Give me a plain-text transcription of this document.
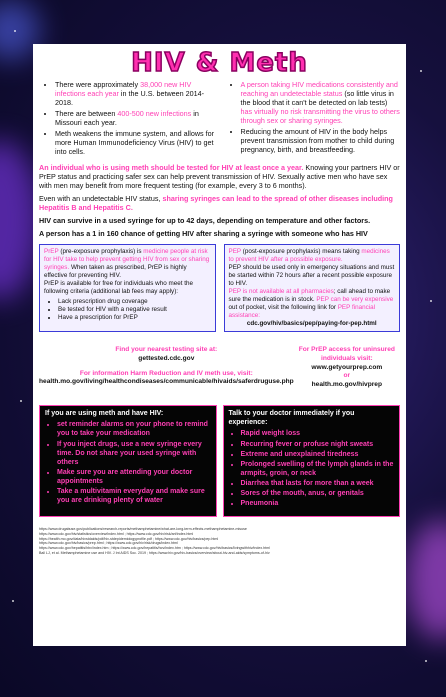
HIV & Meth
• There were approximately 38,000 new HIV infections each year in the U.S. between 2014-2018.
• There are between 400-500 new infections in Missouri each year.
• Meth weakens the immune system, and allows for more Human Immunodeficiency Virus (HIV) to get into cells.
• A person taking HIV medications consistently and reaching an undetectable status (so little virus in the blood that it can't be detected on lab tests) has virtually no risk transmitting the virus to others through sex or sharing syringes.
• Reducing the amount of HIV in the body helps prevent transmission from mother to child during pregnancy, birth, and breastfeeding.

An individual who is using meth should be tested for HIV at least once a year. Knowing your partners HIV or PrEP status and practicing safer sex can help prevent transmission of HIV. Sexually active men who have sex with men may benefit from more frequent testing (for example, every 3 to 6 months).

Even with an undetectable HIV status, sharing syringes can lead to the spread of other diseases including Hepatitis B and Hepatitis C.

HIV can survive in a used syringe for up to 42 days, depending on temperature and other factors.

A person has a 1 in 160 chance of getting HIV after sharing a syringe with someone who has HIV

PrEP (pre-exposure prophylaxis) is medicine people at risk for HIV take to help prevent getting HIV from sex or sharing syringes. When taken as prescribed, PrEP is highly effective for preventing HIV.
PrEP is available for free for individuals who meet the following criteria (additional lab fees may apply):
• Lack prescription drug coverage
• Be tested for HIV with a negative result
• Have a prescription for PrEP
PEP (post-exposure prophylaxis) means taking medicines to prevent HIV after a possible exposure.
PEP should be used only in emergency situations and must be started within 72 hours after a recent possible exposure to HIV.
PEP is not available at all pharmacies; call ahead to make sure the medication is in stock. PEP can be very expensive out of pocket, visit the following link for PEP financial assistance:
cdc.gov/hiv/basics/pep/paying-for-pep.html
Find your nearest testing site at:
gettested.cdc.gov
For information Harm Reduction and IV meth use, visit:
health.mo.gov/living/healthcondiseases/communicable/hivaids/saferdruguse.php
For PrEP access for uninsured individuals visit:
www.getyourprep.com
or
health.mo.gov/hivprep
If you are using meth and have HIV:
• set reminder alarms on your phone to remind you to take your medication
• If you inject drugs, use a new syringe every time. Do not share your used syringe with others
• Make sure you are attending your doctor appointments
• Take a multivitamin everyday and make sure you are drinking plenty of water
Talk to your doctor immediately if you experience:
• Rapid weight loss
• Recurring fever or profuse night sweats
• Extreme and unexplained tiredness
• Prolonged swelling of the lymph glands in the armpits, groin, or neck
• Diarrhea that lasts for more than a week
• Sores of the mouth, anus, or genitals
• Pneumonia
https://www.drugabuse.gov/publications/research-reports/methamphetamine/what-are-long-term-effects-methamphetamine-misuse
https://www.cdc.gov/hiv/statistics/overview/index.html ; https://www.cdc.gov/hiv/risk/art/index.html
https://health.mo.gov/data/hivstdaids/pdf/hiv-stdepidemiologyprofile.pdf ; https://www.cdc.gov/hiv/basics/pep.html
https://www.cdc.gov/hiv/basics/prep.html ; https://www.cdc.gov/hiv/risk/drugs/index.html
https://www.cdc.gov/hepatitis/hbv/index.htm ; https://www.cdc.gov/hepatitis/hcv/index.htm ; https://www.cdc.gov/hiv/basics/livingwithhiv/index.html
Ball LJ, et al. Methamphetamine use and HIV. J Int AIDS Soc. 2019 ; https://www.hiv.gov/hiv-basics/overview/about-hiv-and-aids/symptoms-of-hiv
